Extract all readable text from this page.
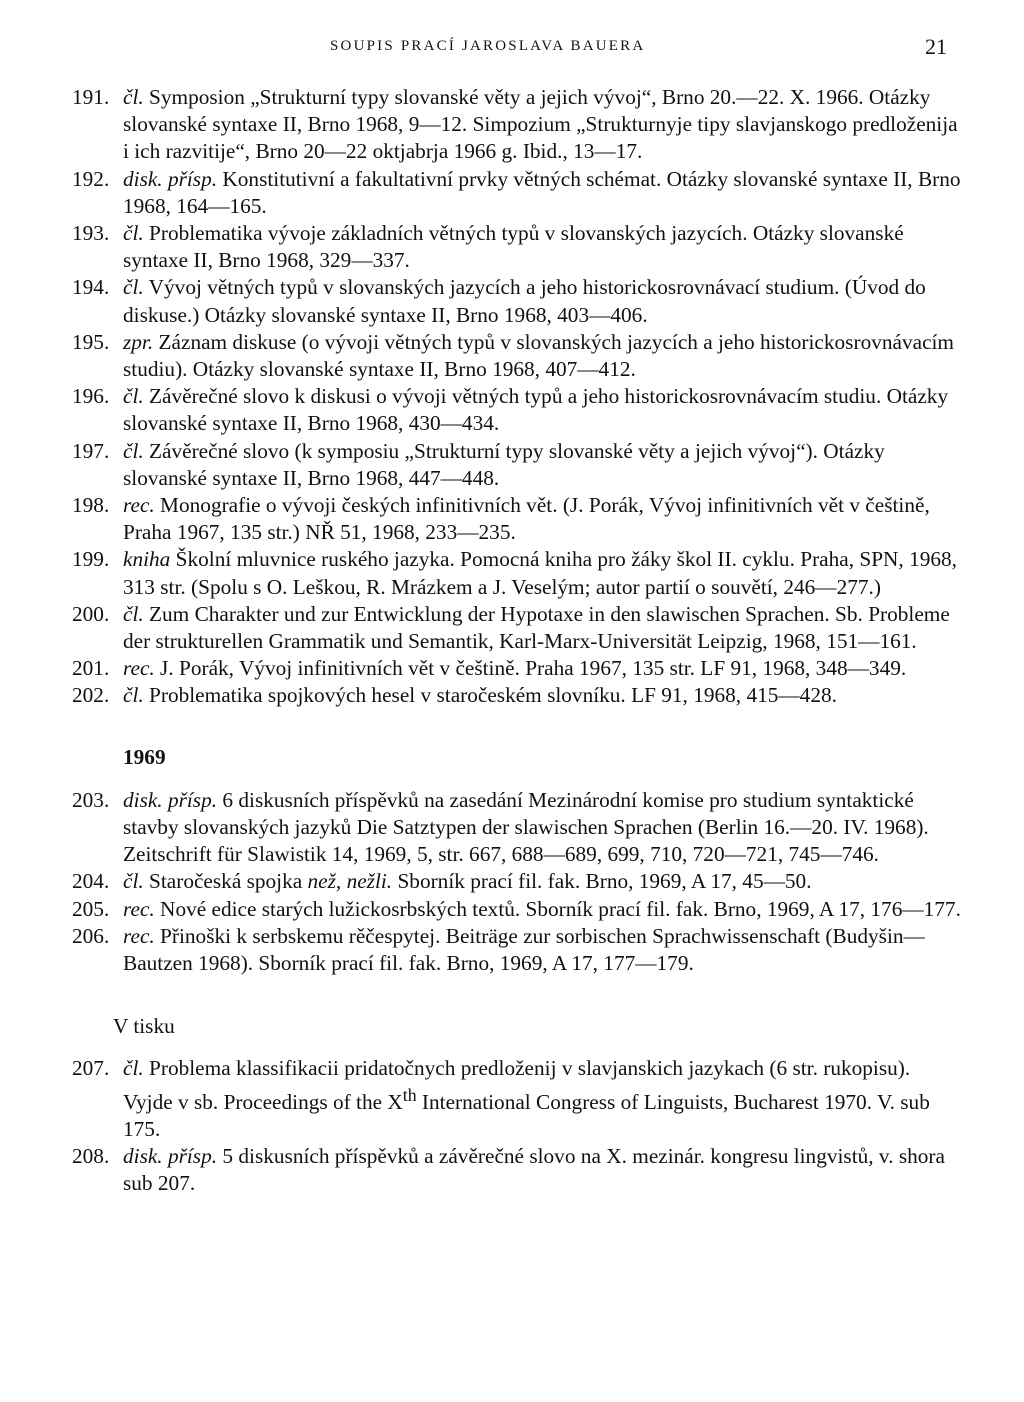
SOUPIS PRACÍ JAROSLAVA BAUERA	21
191. čl. Symposion „Strukturní typy slovanské věty a jejich vývoj“, Brno 20.—22. X. 1966. Otázky slovanské syntaxe II, Brno 1968, 9—12. Simpozium „Strukturnyje tipy slavjanskogo predloženija i ich razvitije“, Brno 20—22 oktjabrja 1966 g. Ibid., 13—17.
192. disk. přísp. Konstitutivní a fakultativní prvky větných schémat. Otázky slovanské syntaxe II, Brno 1968, 164—165.
193. čl. Problematika vývoje základních větných typů v slovanských jazycích. Otázky slovanské syntaxe II, Brno 1968, 329—337.
194. čl. Vývoj větných typů v slovanských jazycích a jeho historickosrovnávací studium. (Úvod do diskuse.) Otázky slovanské syntaxe II, Brno 1968, 403—406.
195. zpr. Záznam diskuse (o vývoji větných typů v slovanských jazycích a jeho historickosrovnávacím studiu). Otázky slovanské syntaxe II, Brno 1968, 407—412.
196. čl. Závěrečné slovo k diskusi o vývoji větných typů a jeho historickosrovnávacím studiu. Otázky slovanské syntaxe II, Brno 1968, 430—434.
197. čl. Závěrečné slovo (k symposiu „Strukturní typy slovanské věty a jejich vývoj“). Otázky slovanské syntaxe II, Brno 1968, 447—448.
198. rec. Monografie o vývoji českých infinitivních vět. (J. Porák, Vývoj infinitivních vět v češtině, Praha 1967, 135 str.) NŘ 51, 1968, 233—235.
199. kniha Školní mluvnice ruského jazyka. Pomocná kniha pro žáky škol II. cyklu. Praha, SPN, 1968, 313 str. (Spolu s O. Leškou, R. Mrázkem a J. Veselým; autor partií o souvětí, 246—277.)
200. čl. Zum Charakter und zur Entwicklung der Hypotaxe in den slawischen Sprachen. Sb. Probleme der strukturellen Grammatik und Semantik, Karl-Marx-Universität Leipzig, 1968, 151—161.
201. rec. J. Porák, Vývoj infinitivních vět v češtině. Praha 1967, 135 str. LF 91, 1968, 348—349.
202. čl. Problematika spojkových hesel v staročeském slovníku. LF 91, 1968, 415—428.
1969
203. disk. přísp. 6 diskusních příspěvků na zasedání Mezinárodní komise pro studium syntaktické stavby slovanských jazyků Die Satztypen der slawischen Sprachen (Berlin 16.—20. IV. 1968). Zeitschrift für Slawistik 14, 1969, 5, str. 667, 688—689, 699, 710, 720—721, 745—746.
204. čl. Staročeská spojka než, nežli. Sborník prací fil. fak. Brno, 1969, A 17, 45—50.
205. rec. Nové edice starých lužickosrbských textů. Sborník prací fil. fak. Brno, 1969, A 17, 176—177.
206. rec. Přinoški k serbskemu rěčespytej. Beiträge zur sorbischen Sprachwissenschaft (Budyšin—Bautzen 1968). Sborník prací fil. fak. Brno, 1969, A 17, 177—179.
V tisku
207. čl. Problema klassifikacii pridatočnych predloženij v slavjanskich jazykach (6 str. rukopisu). Vyjde v sb. Proceedings of the Xth International Congress of Linguists, Bucharest 1970. V. sub 175.
208. disk. přísp. 5 diskusních příspěvků a závěrečné slovo na X. mezinár. kongresu lingvistů, v. shora sub 207.
